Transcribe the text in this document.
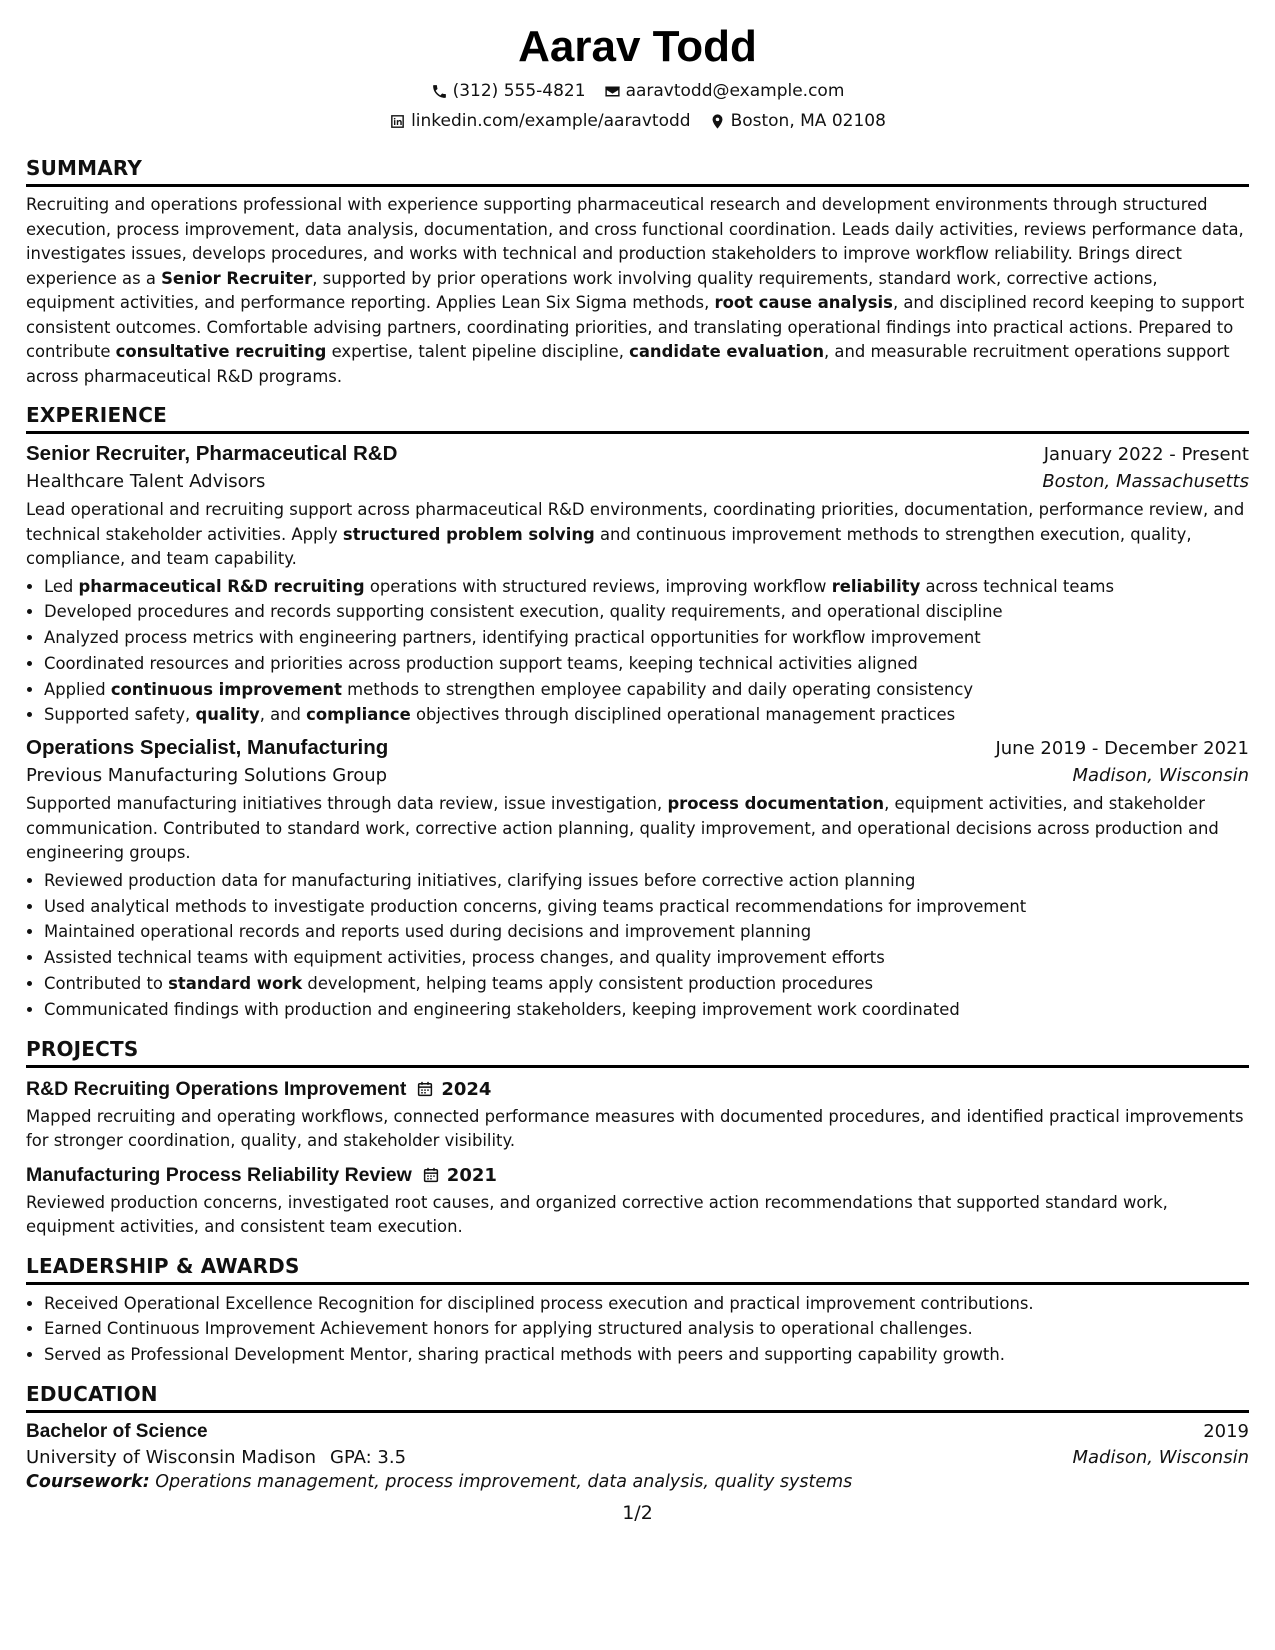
Aarav Todd
(312) 555-4821 aaravtodd@example.com
linkedin.com/example/aaravtodd Boston, MA 02108
SUMMARY

Recruiting and operations professional with experience supporting pharmaceutical research and development environments through structured execution, process improvement, data analysis, documentation, and cross functional coordination. Leads daily activities, reviews performance data, investigates issues, develops procedures, and works with technical and production stakeholders to improve workflow reliability. Brings direct experience as a Senior Recruiter, supported by prior operations work involving quality requirements, standard work, corrective actions, equipment activities, and performance reporting. Applies Lean Six Sigma methods, root cause analysis, and disciplined record keeping to support consistent outcomes. Comfortable advising partners, coordinating priorities, and translating operational findings into practical actions. Prepared to contribute consultative recruiting expertise, talent pipeline discipline, candidate evaluation, and measurable recruitment operations support across pharmaceutical R&D programs.

EXPERIENCE
Senior Recruiter, Pharmaceutical R&D	January 2022 - Present
Healthcare Talent Advisors	Boston, Massachusetts

Lead operational and recruiting support across pharmaceutical R&D environments, coordinating priorities, documentation, performance review, and technical stakeholder activities. Apply structured problem solving and continuous improvement methods to strengthen execution, quality, compliance, and team capability.

• Led pharmaceutical R&D recruiting operations with structured reviews, improving workflow reliability across technical teams
• Developed procedures and records supporting consistent execution, quality requirements, and operational discipline
• Analyzed process metrics with engineering partners, identifying practical opportunities for workflow improvement
• Coordinated resources and priorities across production support teams, keeping technical activities aligned
• Applied continuous improvement methods to strengthen employee capability and daily operating consistency
• Supported safety, quality, and compliance objectives through disciplined operational management practices
Operations Specialist, Manufacturing	June 2019 - December 2021
Previous Manufacturing Solutions Group	Madison, Wisconsin

Supported manufacturing initiatives through data review, issue investigation, process documentation, equipment activities, and stakeholder communication. Contributed to standard work, corrective action planning, quality improvement, and operational decisions across production and engineering groups.

• Reviewed production data for manufacturing initiatives, clarifying issues before corrective action planning
• Used analytical methods to investigate production concerns, giving teams practical recommendations for improvement
• Maintained operational records and reports used during decisions and improvement planning
• Assisted technical teams with equipment activities, process changes, and quality improvement efforts
• Contributed to standard work development, helping teams apply consistent production procedures
• Communicated findings with production and engineering stakeholders, keeping improvement work coordinated
PROJECTS
R&D Recruiting Operations Improvement 2024

Mapped recruiting and operating workflows, connected performance measures with documented procedures, and identified practical improvements for stronger coordination, quality, and stakeholder visibility.

Manufacturing Process Reliability Review 2021

Reviewed production concerns, investigated root causes, and organized corrective action recommendations that supported standard work, equipment activities, and consistent team execution.

LEADERSHIP & AWARDS
• Received Operational Excellence Recognition for disciplined process execution and practical improvement contributions.
• Earned Continuous Improvement Achievement honors for applying structured analysis to operational challenges.
• Served as Professional Development Mentor, sharing practical methods with peers and supporting capability growth.
EDUCATION
Bachelor of Science	2019
University of Wisconsin Madison GPA: 3.5	Madison, Wisconsin
Coursework: Operations management, process improvement, data analysis, quality systems
1/2
